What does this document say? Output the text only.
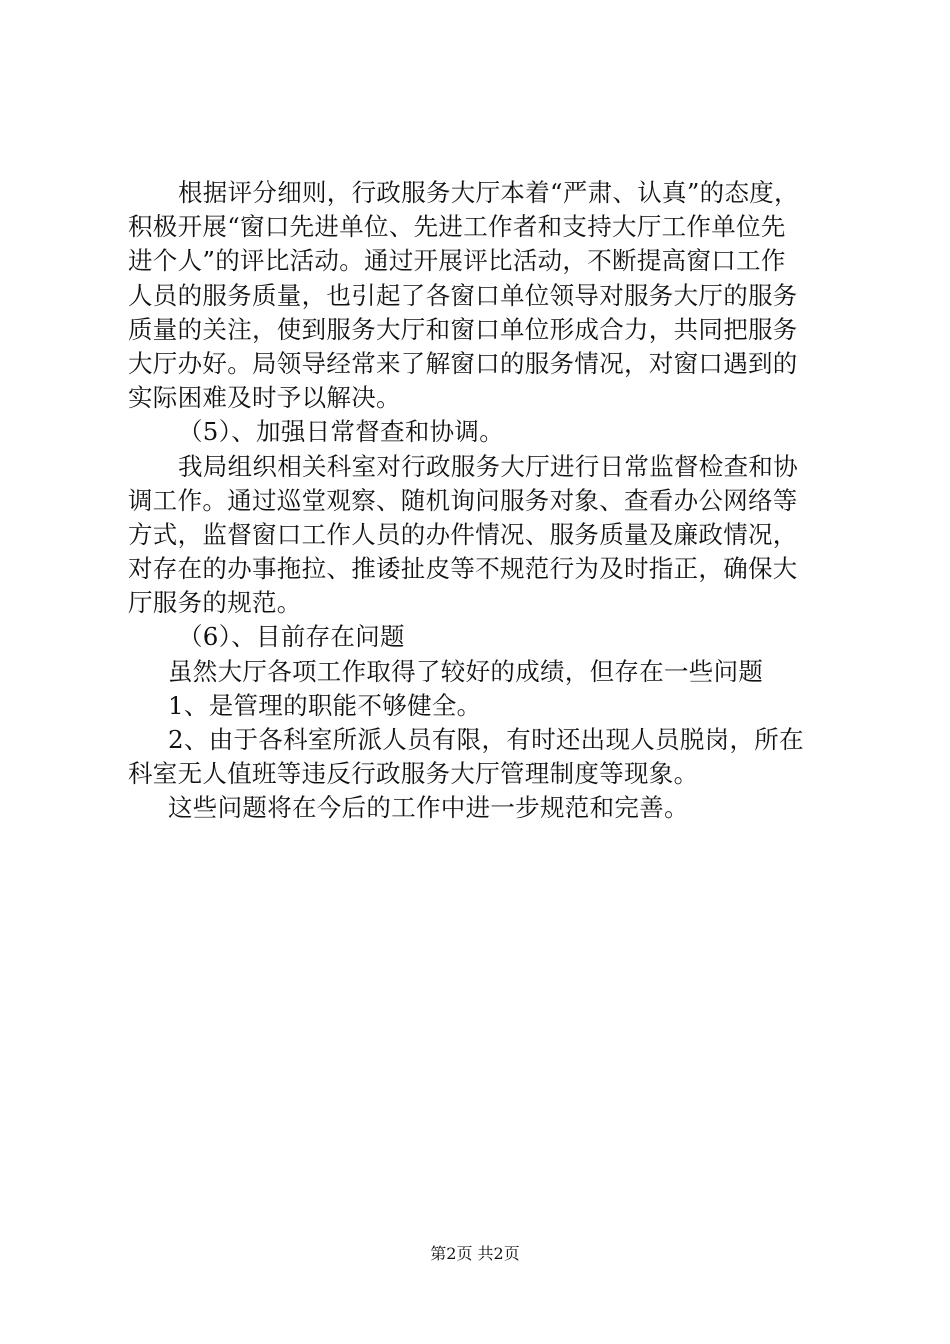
根据评分细则，行政服务大厅本着“严肃、认真”的态度，
积极开展“窗口先进单位、先进工作者和支持大厅工作单位先
进个人”的评比活动。通过开展评比活动，不断提高窗口工作
人员的服务质量，也引起了各窗口单位领导对服务大厅的服务
质量的关注，使到服务大厅和窗口单位形成合力，共同把服务
大厅办好。局领导经常来了解窗口的服务情况，对窗口遇到的
实际困难及时予以解决。
（5）、加强日常督查和协调。
我局组织相关科室对行政服务大厅进行日常监督检查和协
调工作。通过巡堂观察、随机询问服务对象、查看办公网络等
方式，监督窗口工作人员的办件情况、服务质量及廉政情况，
对存在的办事拖拉、推诿扯皮等不规范行为及时指正，确保大
厅服务的规范。
（6）、目前存在问题
虽然大厅各项工作取得了较好的成绩，但存在一些问题
1、是管理的职能不够健全。
2、由于各科室所派人员有限，有时还出现人员脱岗，所在
科室无人值班等违反行政服务大厅管理制度等现象。
这些问题将在今后的工作中进一步规范和完善。
第2页 共2页
